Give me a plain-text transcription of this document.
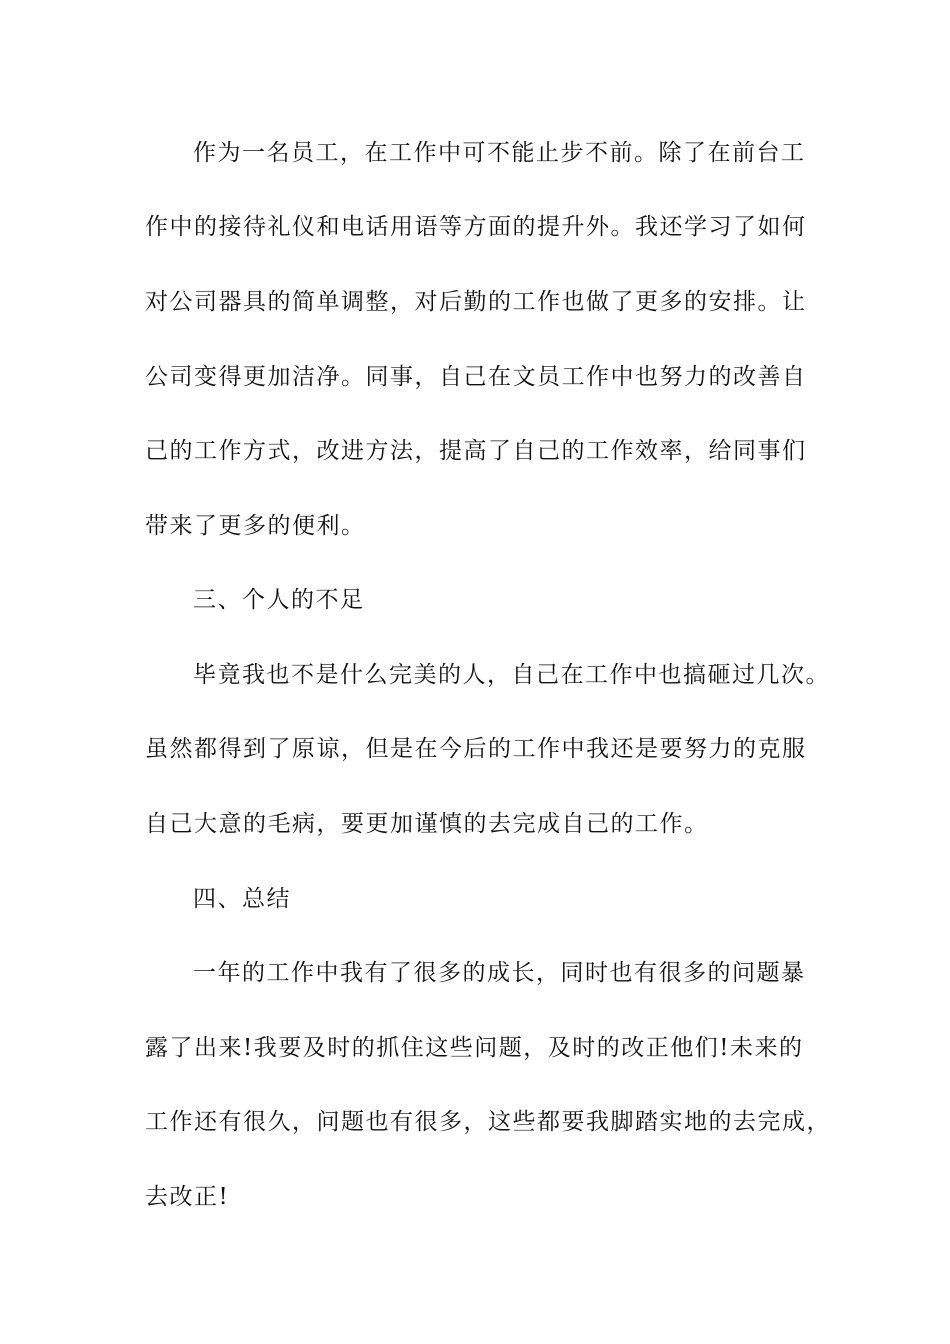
作为一名员工，在工作中可不能止步不前。除了在前台工
作中的接待礼仪和电话用语等方面的提升外。我还学习了如何
对公司器具的简单调整，对后勤的工作也做了更多的安排。让
公司变得更加洁净。同事，自己在文员工作中也努力的改善自
己的工作方式，改进方法，提高了自己的工作效率，给同事们
带来了更多的便利。
三、个人的不足
毕竟我也不是什么完美的人，自己在工作中也搞砸过几次。
虽然都得到了原谅，但是在今后的工作中我还是要努力的克服
自己大意的毛病，要更加谨慎的去完成自己的工作。
四、总结
一年的工作中我有了很多的成长，同时也有很多的问题暴
露了出来!我要及时的抓住这些问题，及时的改正他们!未来的
工作还有很久，问题也有很多，这些都要我脚踏实地的去完成，
去改正!
